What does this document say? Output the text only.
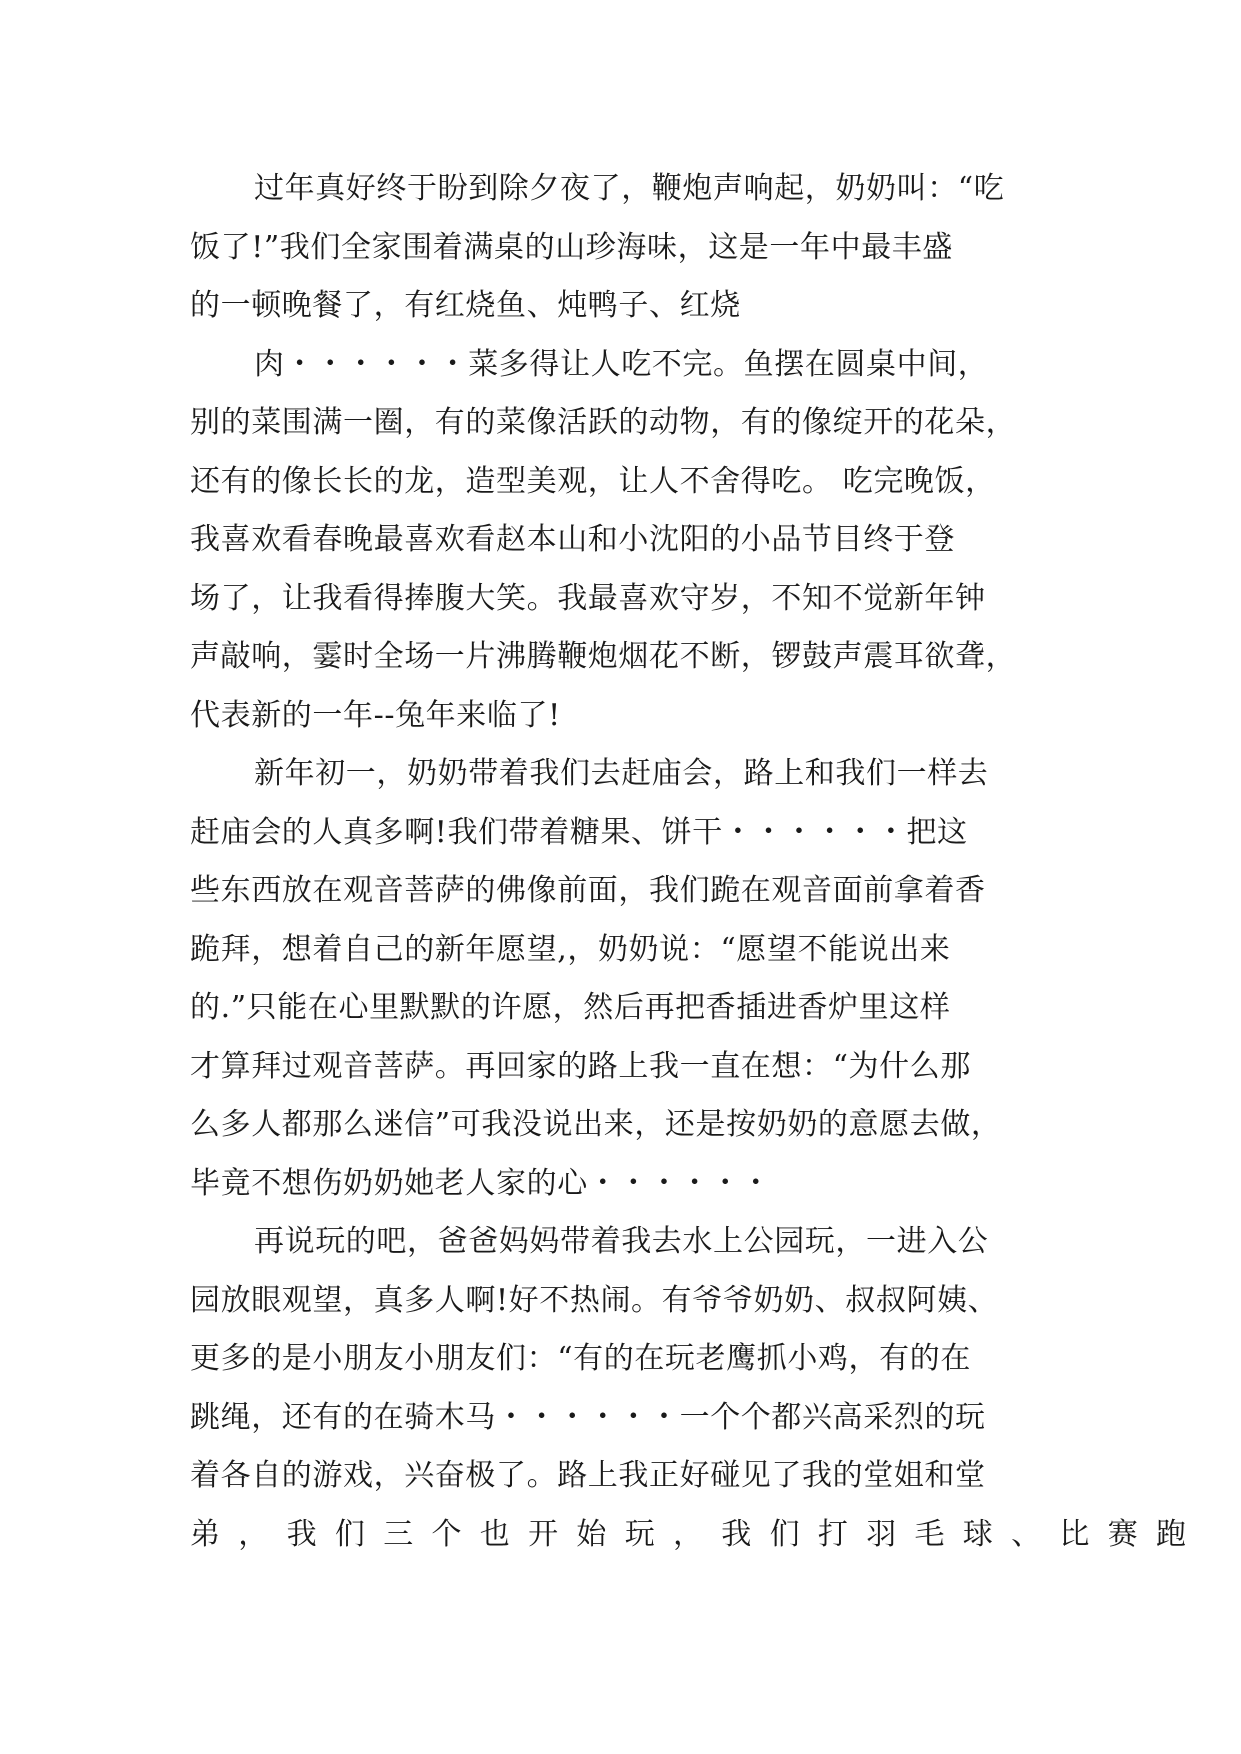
过年真好终于盼到除夕夜了，鞭炮声响起，奶奶叫：“吃
饭了!”我们全家围着满桌的山珍海味，这是一年中最丰盛
的一顿晚餐了，有红烧鱼、炖鸭子、红烧
肉・・・・・・菜多得让人吃不完。鱼摆在圆桌中间，
别的菜围满一圈，有的菜像活跃的动物，有的像绽开的花朵，
还有的像长长的龙，造型美观，让人不舍得吃。 吃完晚饭，
我喜欢看春晚最喜欢看赵本山和小沈阳的小品节目终于登
场了，让我看得捧腹大笑。我最喜欢守岁，不知不觉新年钟
声敲响，霎时全场一片沸腾鞭炮烟花不断，锣鼓声震耳欲聋，
代表新的一年--兔年来临了!
新年初一，奶奶带着我们去赶庙会，路上和我们一样去
赶庙会的人真多啊!我们带着糖果、饼干・・・・・・把这
些东西放在观音菩萨的佛像前面，我们跪在观音面前拿着香
跪拜，想着自己的新年愿望,，奶奶说：“愿望不能说出来
的.”只能在心里默默的许愿，然后再把香插进香炉里这样
才算拜过观音菩萨。再回家的路上我一直在想：“为什么那
么多人都那么迷信”可我没说出来，还是按奶奶的意愿去做，
毕竟不想伤奶奶她老人家的心・・・・・・
再说玩的吧，爸爸妈妈带着我去水上公园玩，一进入公
园放眼观望，真多人啊!好不热闹。有爷爷奶奶、叔叔阿姨、
更多的是小朋友小朋友们：“有的在玩老鹰抓小鸡，有的在
跳绳，还有的在骑木马・・・・・・一个个都兴高采烈的玩
着各自的游戏，兴奋极了。路上我正好碰见了我的堂姐和堂
弟，我们三个也开始玩，我们打羽毛球、比赛跑
